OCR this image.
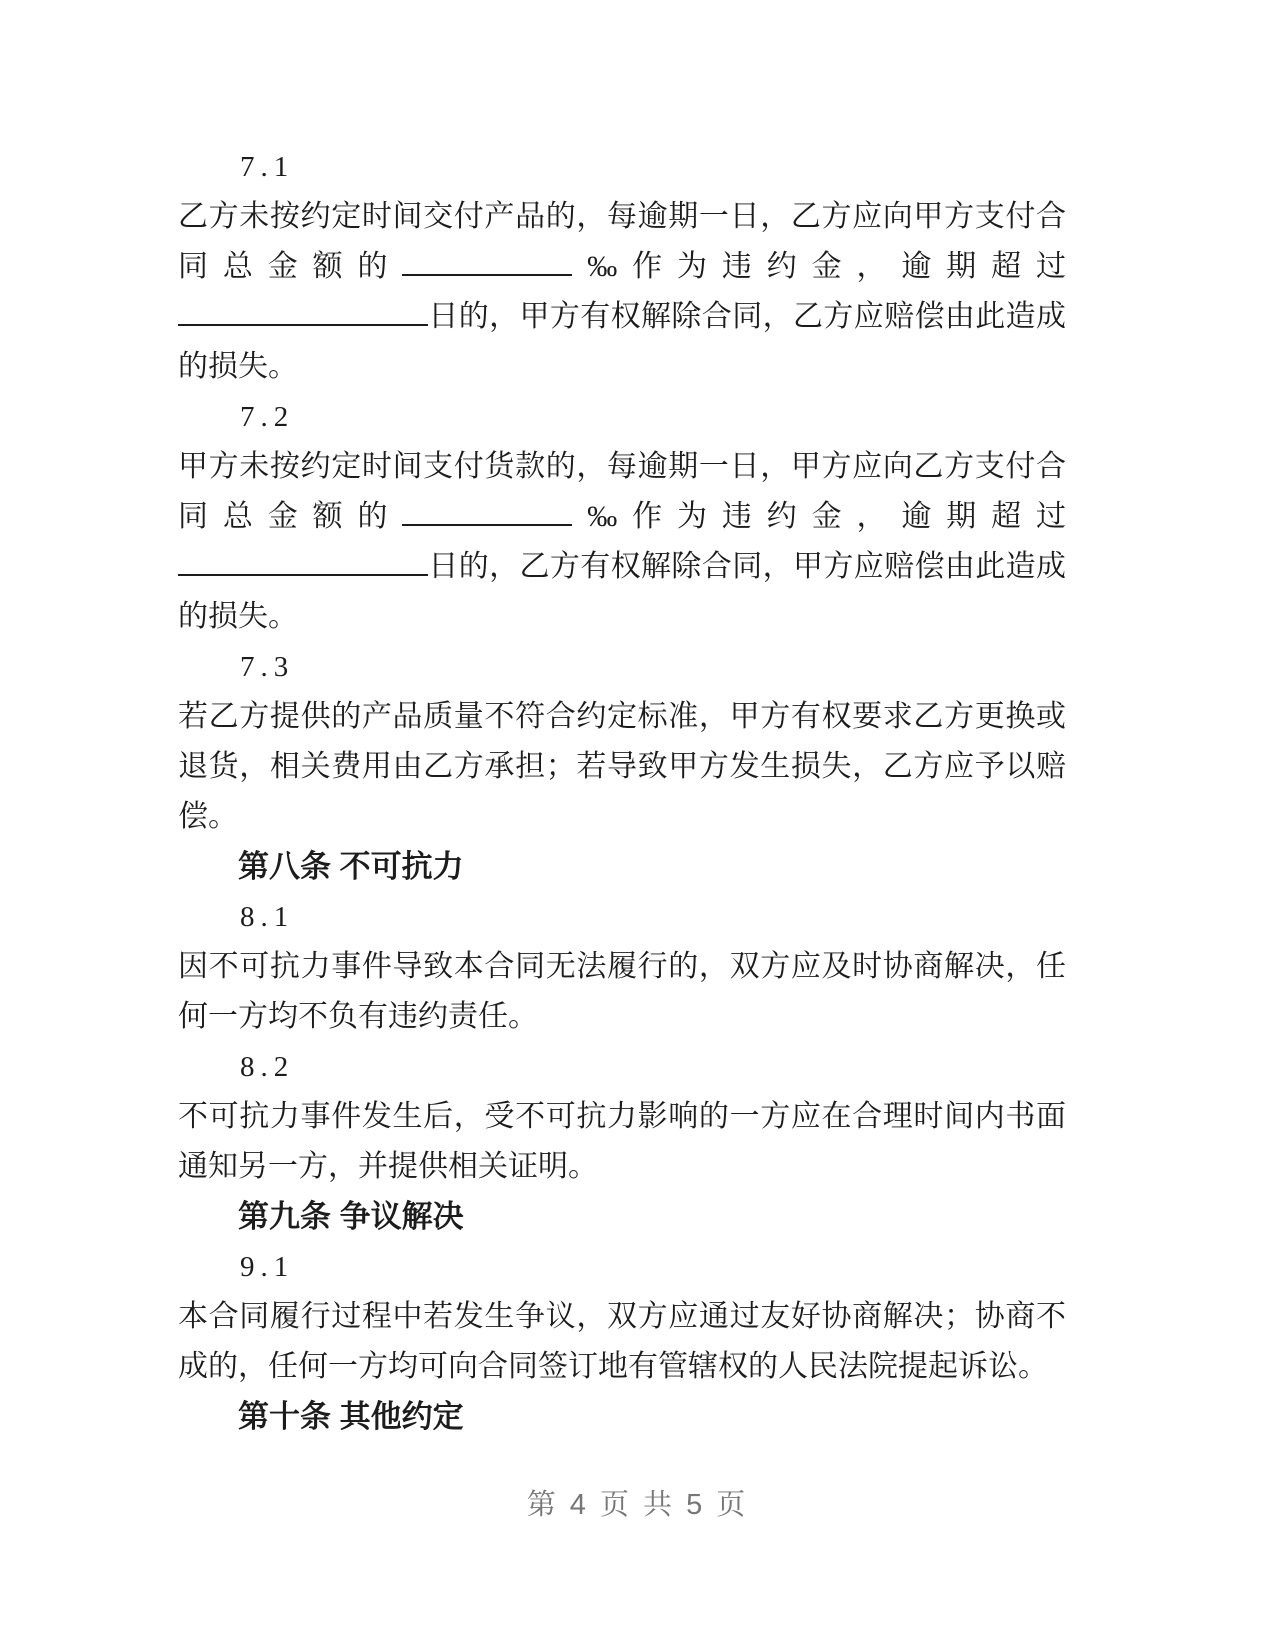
7.1

乙方未按约定时间交付产品的，每逾期一日，乙方应向甲方支付合同总金额的	‰作为违约金，逾期超过日的，甲方有权解除合同，乙方应赔偿由此造成的损失。

7.2

甲方未按约定时间支付货款的，每逾期一日，甲方应向乙方支付合同总金额的	‰作为违约金，逾期超过日的，乙方有权解除合同，甲方应赔偿由此造成的损失。

7.3

若乙方提供的产品质量不符合约定标准，甲方有权要求乙方更换或退货，相关费用由乙方承担；若导致甲方发生损失，乙方应予以赔偿。

第八条 不可抗力

8.1

因不可抗力事件导致本合同无法履行的，双方应及时协商解决，任何一方均不负有违约责任。

8.2

不可抗力事件发生后，受不可抗力影响的一方应在合理时间内书面通知另一方，并提供相关证明。

第九条 争议解决

9.1

本合同履行过程中若发生争议，双方应通过友好协商解决；协商不成的，任何一方均可向合同签订地有管辖权的人民法院提起诉讼。

第十条 其他约定
第 4 页 共 5 页
